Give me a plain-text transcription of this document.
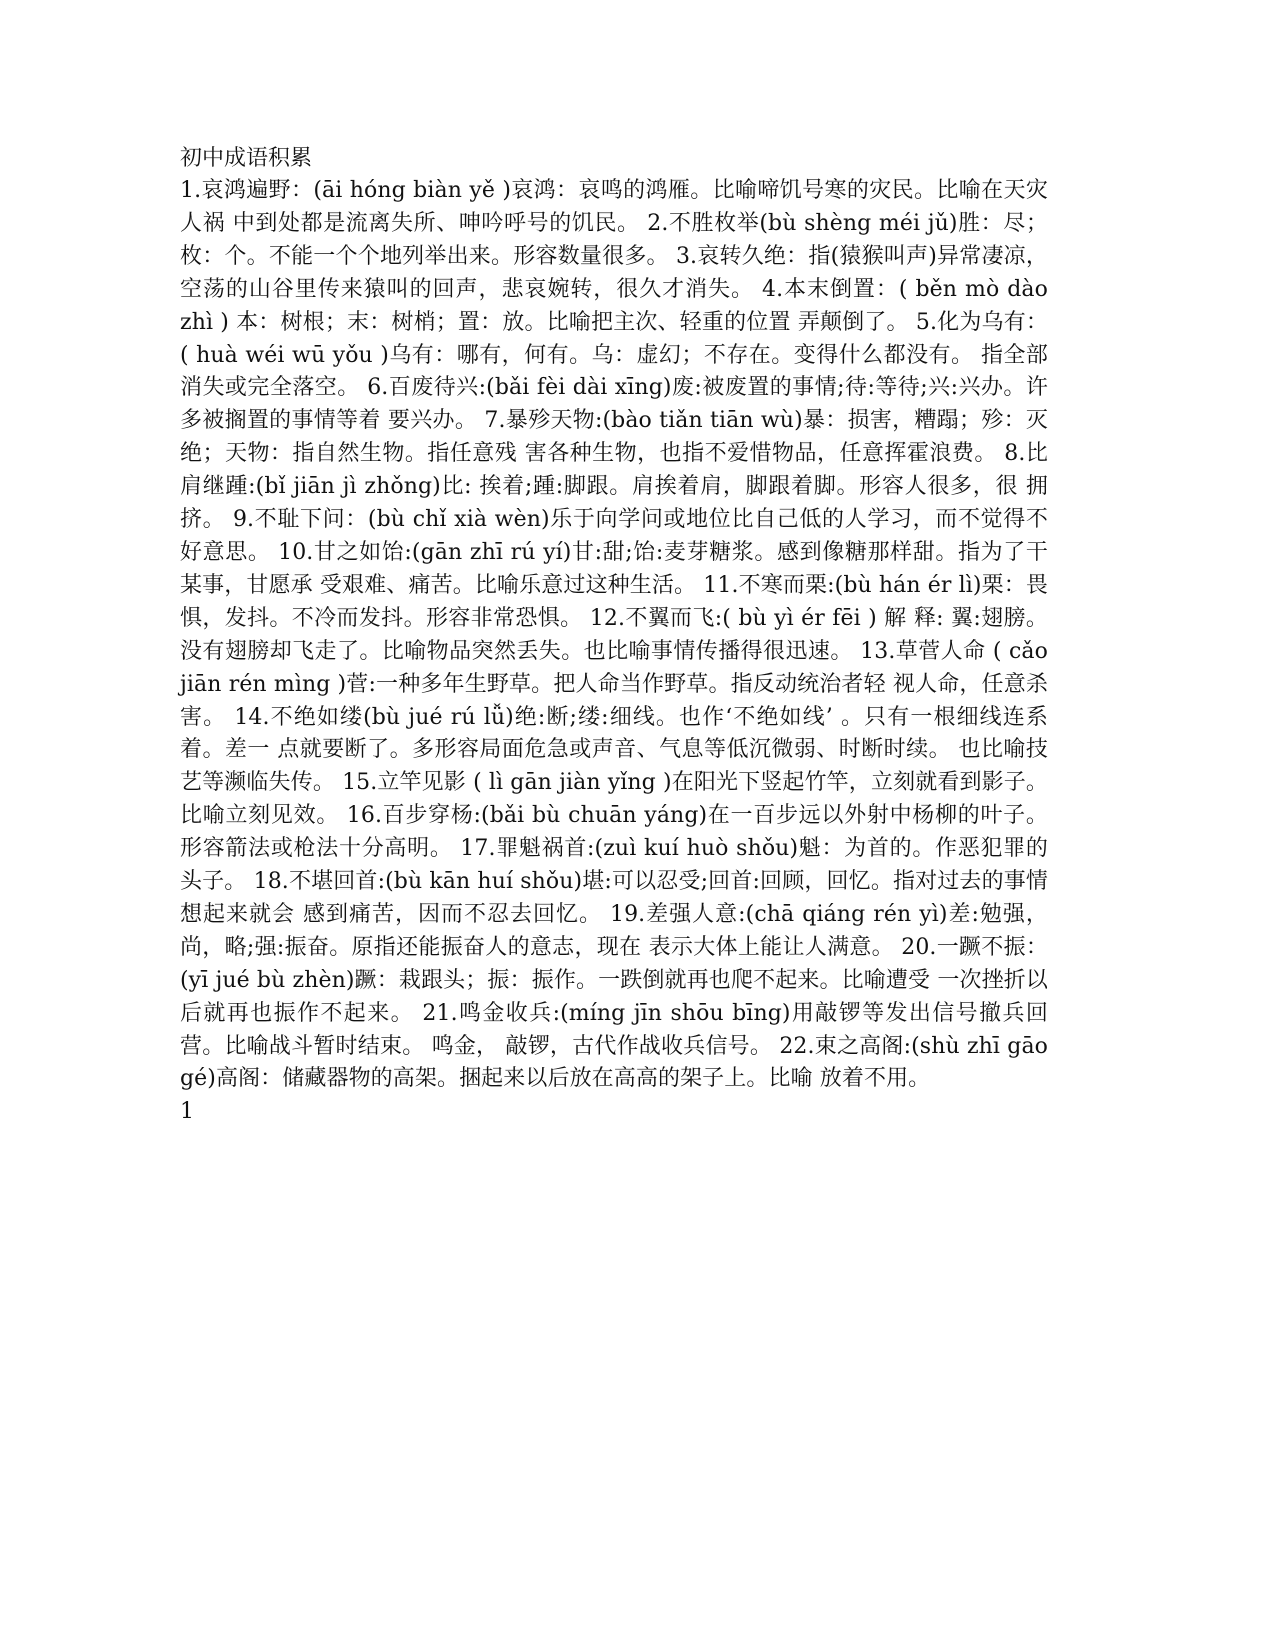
初中成语积累
1.哀鸿遍野：(āi hóng biàn yě )哀鸿：哀鸣的鸿雁。比喻啼饥号寒的灾民。比喻在天灾人祸 中到处都是流离失所、呻吟呼号的饥民。 2.不胜枚举(bù shèng méi jǔ)胜：尽；枚：个。不能一个个地列举出来。形容数量很多。 3.哀转久绝：指(猿猴叫声)异常凄凉，空荡的山谷里传来猿叫的回声，悲哀婉转，很久才消失。 4.本末倒置：( běn mò dào zhì ) 本：树根；末：树梢；置：放。比喻把主次、轻重的位置 弄颠倒了。 5.化为乌有：( huà wéi wū yǒu )乌有：哪有，何有。乌：虚幻；不存在。变得什么都没有。 指全部消失或完全落空。 6.百废待兴:(bǎi fèi dài xīng)废:被废置的事情;待:等待;兴:兴办。许多被搁置的事情等着 要兴办。 7.暴殄天物:(bào tiǎn tiān wù)暴：损害，糟蹋；殄：灭绝；天物：指自然生物。指任意残 害各种生物，也指不爱惜物品，任意挥霍浪费。 8.比肩继踵:(bǐ jiān jì zhǒng)比: 挨着;踵:脚跟。肩挨着肩，脚跟着脚。形容人很多，很 拥挤。 9.不耻下问：(bù chǐ xià wèn)乐于向学问或地位比自己低的人学习，而不觉得不好意思。 10.甘之如饴:(gān zhī rú yí)甘:甜;饴:麦芽糖浆。感到像糖那样甜。指为了干某事，甘愿承 受艰难、痛苦。比喻乐意过这种生活。 11.不寒而栗:(bù hán ér lì)栗：畏惧，发抖。不冷而发抖。形容非常恐惧。 12.不翼而飞:( bù yì ér fēi ) 解 释: 翼:翅膀。没有翅膀却飞走了。比喻物品突然丢失。也比喻事情传播得很迅速。 13.草菅人命 ( cǎo jiān rén mìng )菅:一种多年生野草。把人命当作野草。指反动统治者轻 视人命，任意杀害。 14.不绝如缕(bù jué rú lǚ)绝:断;缕:细线。也作‘不绝如线’ 。只有一根细线连系着。差一 点就要断了。多形容局面危急或声音、气息等低沉微弱、时断时续。 也比喻技艺等濒临失传。 15.立竿见影 ( lì gān jiàn yǐng )在阳光下竖起竹竿，立刻就看到影子。比喻立刻见效。 16.百步穿杨:(bǎi bù chuān yáng)在一百步远以外射中杨柳的叶子。形容箭法或枪法十分高明。 17.罪魁祸首:(zuì kuí huò shǒu)魁：为首的。作恶犯罪的头子。 18.不堪回首:(bù kān huí shǒu)堪:可以忍受;回首:回顾，回忆。指对过去的事情想起来就会 感到痛苦，因而不忍去回忆。 19.差强人意:(chā qiáng rén yì)差:勉强，尚，略;强:振奋。原指还能振奋人的意志，现在 表示大体上能让人满意。 20.一蹶不振：(yī jué bù zhèn)蹶：栽跟头；振：振作。一跌倒就再也爬不起来。比喻遭受 一次挫折以后就再也振作不起来。 21.鸣金收兵:(míng jīn shōu bīng)用敲锣等发出信号撤兵回营。比喻战斗暂时结束。 鸣金， 敲锣，古代作战收兵信号。 22.束之高阁:(shù zhī gāo gé)高阁：储藏器物的高架。捆起来以后放在高高的架子上。比喻 放着不用。
1
